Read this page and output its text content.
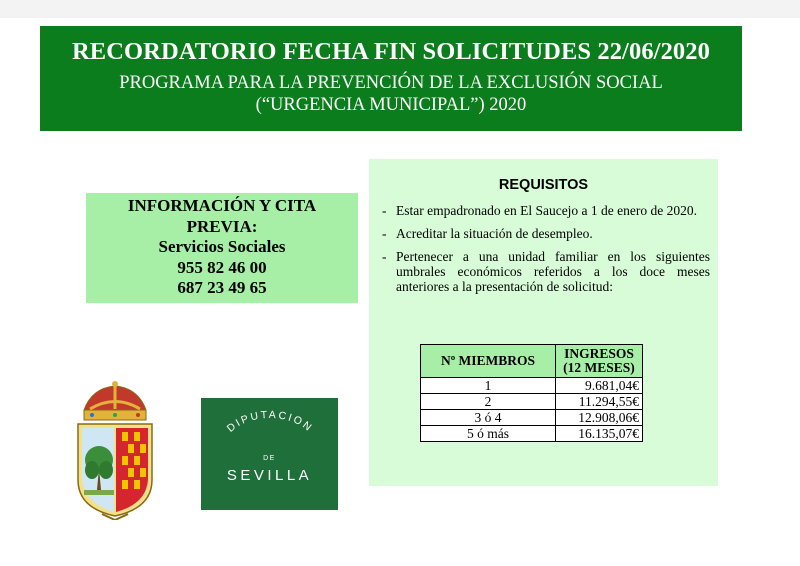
RECORDATORIO FECHA FIN SOLICITUDES 22/06/2020
PROGRAMA PARA LA PREVENCIÓN DE LA EXCLUSIÓN SOCIAL
(“URGENCIA MUNICIPAL”) 2020
INFORMACIÓN Y CITA
PREVIA:
Servicios Sociales
955 82 46 00
687 23 49 65
REQUISITOS
- Estar empadronado en El Saucejo a 1 de enero de 2020.
- Acreditar la situación de desempleo.
- Pertenecer a una unidad familiar en los siguientes umbrales económicos referidos a los doce meses anteriores a la presentación de solicitud:
Nº MIEMBROS	INGRESOS (12 MESES)
1	9.681,04€
2	11.294,55€
3 ó 4	12.908,06€
5 ó más	16.135,07€
DIPUTACION
DE
SEVILLA
